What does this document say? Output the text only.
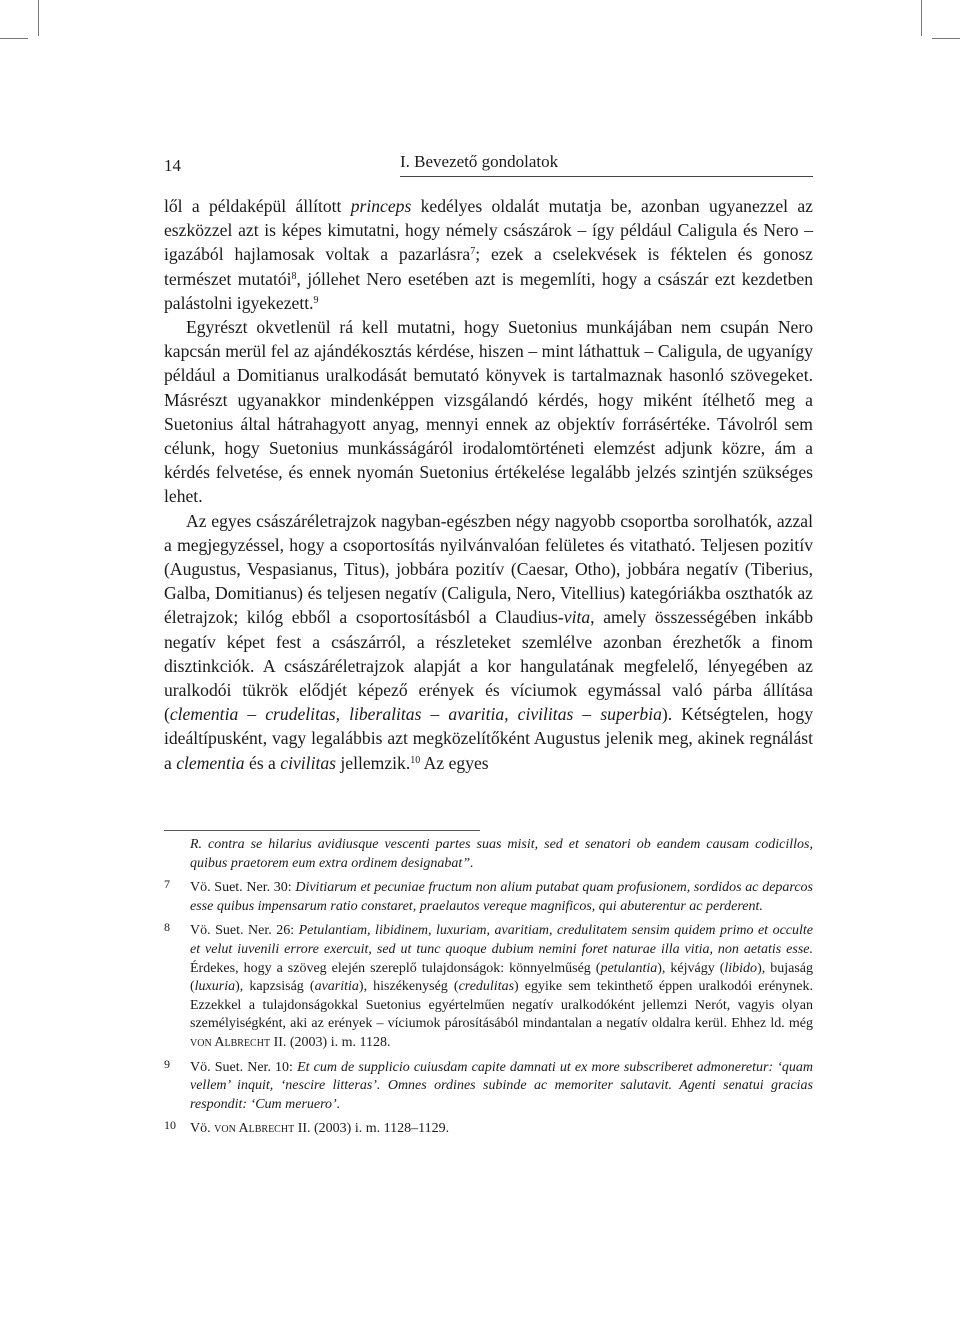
14	I. Bevezető gondolatok

lől a példaképül állított princeps kedélyes oldalát mutatja be, azonban ugyanezzel az eszközzel azt is képes kimutatni, hogy némely császárok – így például Caligula és Nero – igazából hajlamosak voltak a pazarlásra$^7$; ezek a cselekvések is féktelen és gonosz természet mutatói$^8$, jóllehet Nero esetében azt is megemlíti, hogy a császár ezt kezdetben palástolni igyekezett.$^9$

Egyrészt okvetlenül rá kell mutatni, hogy Suetonius munkájában nem csupán Nero kapcsán merül fel az ajándékosztás kérdése, hiszen – mint láthattuk – Caligula, de ugyanígy például a Domitianus uralkodását bemutató könyvek is tartalmaznak hasonló szövegeket. Másrészt ugyanakkor mindenképpen vizsgálandó kérdés, hogy miként ítélhető meg a Suetonius által hátrahagyott anyag, mennyi ennek az objektív forrásértéke. Távolról sem célunk, hogy Suetonius munkásságáról irodalomtörténeti elemzést adjunk közre, ám a kérdés felvetése, és ennek nyomán Suetonius értékelése legalább jelzés szintjén szükséges lehet.

Az egyes császáréletrajzok nagyban-egészben négy nagyobb csoportba sorolhatók, azzal a megjegyzéssel, hogy a csoportosítás nyilvánvalóan felületes és vitatható. Teljesen pozitív (Augustus, Vespasianus, Titus), jobbára pozitív (Caesar, Otho), jobbára negatív (Tiberius, Galba, Domitianus) és teljesen negatív (Caligula, Nero, Vitellius) kategóriákba oszthatók az életrajzok; kilóg ebből a csoportosításból a Claudius-vita, amely összességében inkább negatív képet fest a császárról, a részleteket szemlélve azonban érezhetők a finom disztinkciók. A császáréletrajzok alapját a kor hangulatának megfelelő, lényegében az uralkodói tükrök elődjét képező erények és víciumok egymással való párba állítása (clementia – crudelitas, liberalitas – avaritia, civilitas – superbia). Kétségtelen, hogy ideáltípusként, vagy legalábbis azt megközelítőként Augustus jelenik meg, akinek regnálást a clementia és a civilitas jellemzik.$^{10}$ Az egyes

R. contra se hilarius avidiusque vescenti partes suas misit, sed et senatori ob eandem causam codicillos, quibus praetorem eum extra ordinem designabat”.
7	Vö. Suet. Ner. 30: Divitiarum et pecuniae fructum non alium putabat quam profusionem, sordidos ac deparcos esse quibus impensarum ratio constaret, praelautos vereque magnificos, qui abuterentur ac perderent.
8	Vö. Suet. Ner. 26: Petulantiam, libidinem, luxuriam, avaritiam, credulitatem sensim quidem primo et occulte et velut iuvenili errore exercuit, sed ut tunc quoque dubium nemini foret naturae illa vitia, non aetatis esse. Érdekes, hogy a szöveg elején szereplő tulajdonságok: könnyelműség (petulantia), kéjvágy (libido), bujaság (luxuria), kapzsiság (avaritia), hiszékenység (credulitas) egyike sem tekinthető éppen uralkodói erénynek. Ezzekkel a tulajdonságokkal Suetonius egyértelműen negatív uralkodóként jellemzi Nerót, vagyis olyan személyiségként, aki az erények – víciumok párosításából mindantalan a negatív oldalra kerül. Ehhez ld. még von Albrecht II. (2003) i. m. 1128.
9	Vö. Suet. Ner. 10: Et cum de supplicio cuiusdam capite damnati ut ex more subscriberet admoneretur: ‘quam vellem’ inquit, ‘nescire litteras’. Omnes ordines subinde ac memoriter salutavit. Agenti senatui gracias respondit: ‘Cum meruero’.
10	Vö. von Albrecht II. (2003) i. m. 1128–1129.
